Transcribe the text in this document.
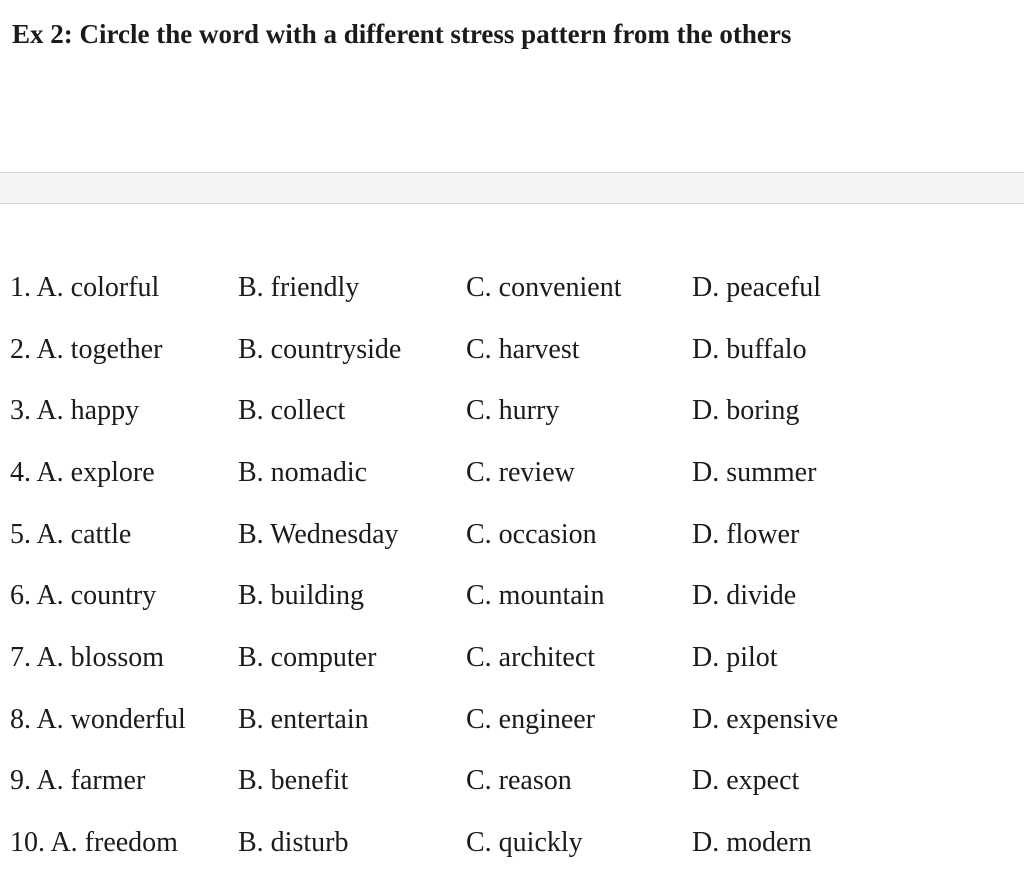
Ex 2: Circle the word with a different stress pattern from the others
1. A. colorful	B. friendly	C. convenient	D. peaceful
2. A. together	B. countryside C. harvest	D. buffalo
3. A. happy	B. collect	C. hurry	D. boring
4. A. explore	B. nomadic	C. review	D. summer
5. A. cattle	B. Wednesday C. occasion	D. flower
6. A. country	B. building	C. mountain	D. divide
7. A. blossom	B. computer	C. architect	D. pilot
8. A. wonderful B. entertain	C. engineer	D. expensive
9. A. farmer	B. benefit	C. reason	D. expect
10. A. freedom B. disturb	C. quickly	D. modern
